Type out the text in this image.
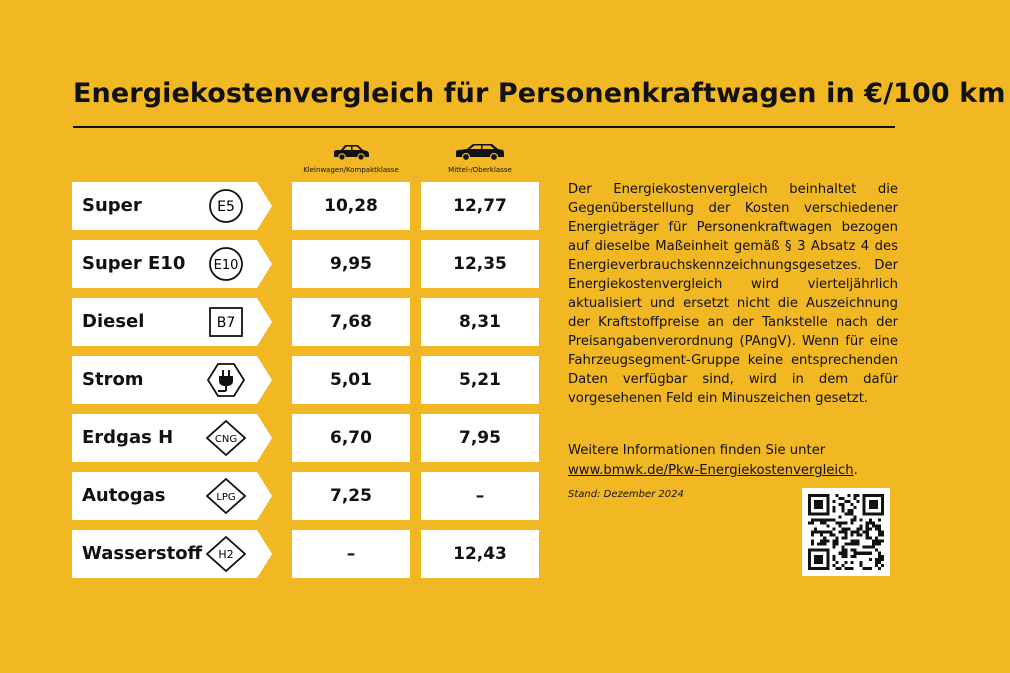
Energiekostenvergleich für Personenkraftwagen in €/100 km
Kleinwagen/Kompaktklasse	Mittel-/Oberklasse
Super	E5	10,28	12,77
Super E10 E10	9,95	12,35
Diesel	B7	7,68	8,31
Strom	5,01	5,21
Erdgas H	CNG	6,70	7,95
Autogas	LPG	7,25	–
Wasserstoff H2	–	12,43
Der Energiekostenvergleich beinhaltet die Gegenüberstellung der Kosten verschiedener Energieträger für Personenkraftwagen bezogen auf dieselbe Maßeinheit gemäß § 3 Absatz 4 des Energieverbrauchskennzeichnungsgesetzes. Der Energiekostenvergleich wird vierteljährlich aktualisiert und ersetzt nicht die Auszeichnung der Kraftstoffpreise an der Tankstelle nach der Preisangabenverordnung (PAngV). Wenn für eine Fahrzeugsegment-Gruppe keine entsprechenden Daten verfügbar sind, wird in dem dafür vorgesehenen Feld ein Minuszeichen gesetzt.
Weitere Informationen finden Sie unter
www.bmwk.de/Pkw-Energiekostenvergleich.
Stand: Dezember 2024
